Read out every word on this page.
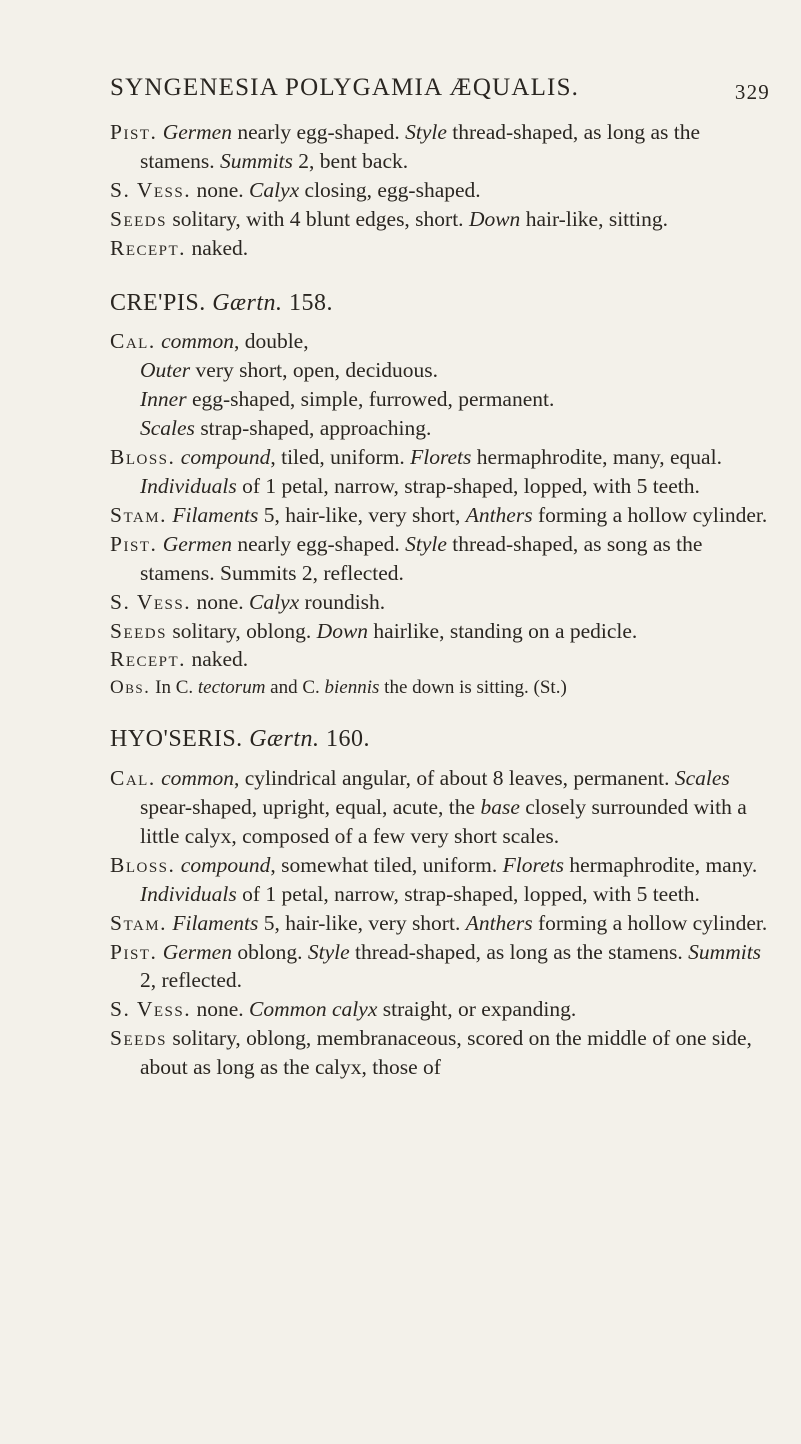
SYNGENESIA POLYGAMIA ÆQUALIS.	329

Pist. Germen nearly egg-shaped. Style thread-shaped, as long as the stamens. Summits 2, bent back.

S. Vess. none. Calyx closing, egg-shaped.

Seeds solitary, with 4 blunt edges, short. Down hair-like, sitting.

Recept. naked.

CRE'PIS. Gærtn. 158.

Cal. common, double,

Outer very short, open, deciduous.

Inner egg-shaped, simple, furrowed, permanent.

Scales strap-shaped, approaching.

Bloss. compound, tiled, uniform. Florets hermaphrodite, many, equal.

Individuals of 1 petal, narrow, strap-shaped, lopped, with 5 teeth.

Stam. Filaments 5, hair-like, very short, Anthers forming a hollow cylinder.

Pist. Germen nearly egg-shaped. Style thread-shaped, as song as the stamens. Summits 2, reflected.

S. Vess. none. Calyx roundish.

Seeds solitary, oblong. Down hairlike, standing on a pedicle.

Recept. naked.

Obs. In C. tectorum and C. biennis the down is sitting. (St.)

HYO'SERIS. Gærtn. 160.

Cal. common, cylindrical angular, of about 8 leaves, permanent. Scales spear-shaped, upright, equal, acute, the base closely surrounded with a little calyx, composed of a few very short scales.

Bloss. compound, somewhat tiled, uniform. Florets hermaphrodite, many.

Individuals of 1 petal, narrow, strap-shaped, lopped, with 5 teeth.

Stam. Filaments 5, hair-like, very short. Anthers forming a hollow cylinder.

Pist. Germen oblong. Style thread-shaped, as long as the stamens. Summits 2, reflected.

S. Vess. none. Common calyx straight, or expanding.

Seeds solitary, oblong, membranaceous, scored on the middle of one side, about as long as the calyx, those of
